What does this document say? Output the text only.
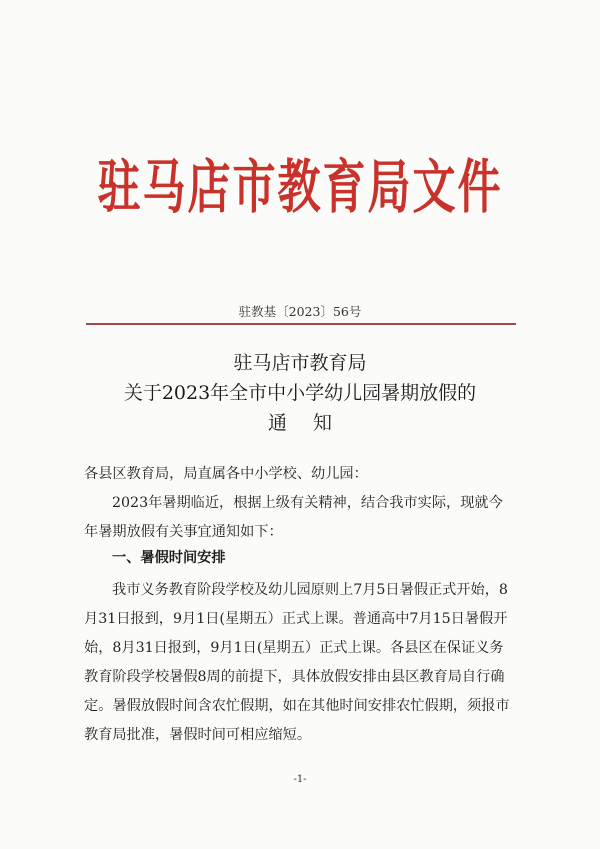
驻马店市教育局文件
驻教基〔2023〕56号
驻马店市教育局
关于2023年全市中小学幼儿园暑期放假的
通知
各县区教育局，局直属各中小学校、幼儿园：
2023年暑期临近，根据上级有关精神，结合我市实际，现就今年暑期放假有关事宜通知如下：
一、暑假时间安排
我市义务教育阶段学校及幼儿园原则上7月5日暑假正式开始，8月31日报到，9月1日(星期五）正式上课。普通高中7月15日暑假开始，8月31日报到，9月1日(星期五）正式上课。各县区在保证义务教育阶段学校暑假8周的前提下，具体放假安排由县区教育局自行确定。暑假放假时间含农忙假期，如在其他时间安排农忙假期，须报市教育局批准，暑假时间可相应缩短。
-1-
